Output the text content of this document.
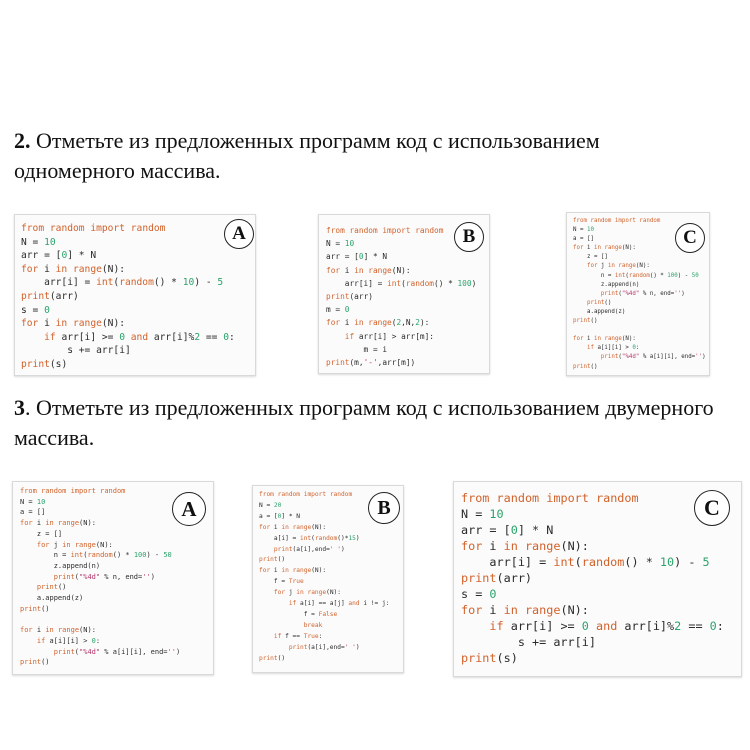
2. Отметьте из предложенных программ код с использованием одномерного массива.
from random import random
N = 10
arr = [0] * N
for i in range(N):
arr[i] = int(random() * 10) - 5
print(arr)
s = 0
for i in range(N):
if arr[i] >= 0 and arr[i]%2 == 0:
s += arr[i]
print(s)
A	from random import random
N = 10
arr = [0] * N
for i in range(N):
arr[i] = int(random() * 100)
print(arr)
m = 0
for i in range(2,N,2):
if arr[i] > arr[m]:
m = i
print(m,'-',arr[m])
B
from random import random
N = 10
a = []
for i in range(N):
z = []
for j in range(N):
n = int(random() * 100) - 50
z.append(n)
print("%4d" % n, end='')
print()
a.append(z)
print()

for i in range(N):
if a[i][i] > 0:
print("%4d" % a[i][i], end='')
print()
C
3. Отметьте из предложенных программ код с использованием двумерного массива.
from random import random
N = 10
a = []
for i in range(N):
z = []
for j in range(N):
n = int(random() * 100) - 50
z.append(n)
print("%4d" % n, end='')
print()
a.append(z)
print()

for i in range(N):
if a[i][i] > 0:
print("%4d" % a[i][i], end='')
print()
A
from random import random
N = 20
a = [0] * N
for i in range(N):
a[i] = int(random()*15)
print(a[i],end=' ')
print()
for i in range(N):
f = True
for j in range(N):
if a[i] == a[j] and i != j:
f = False
break
if f == True:
print(a[i],end=' ')
print()
B	from random import random
N = 10
arr = [0] * N
for i in range(N):
arr[i] = int(random() * 10) - 5
print(arr)
s = 0
for i in range(N):
if arr[i] >= 0 and arr[i]%2 == 0:
s += arr[i]
print(s)
C
